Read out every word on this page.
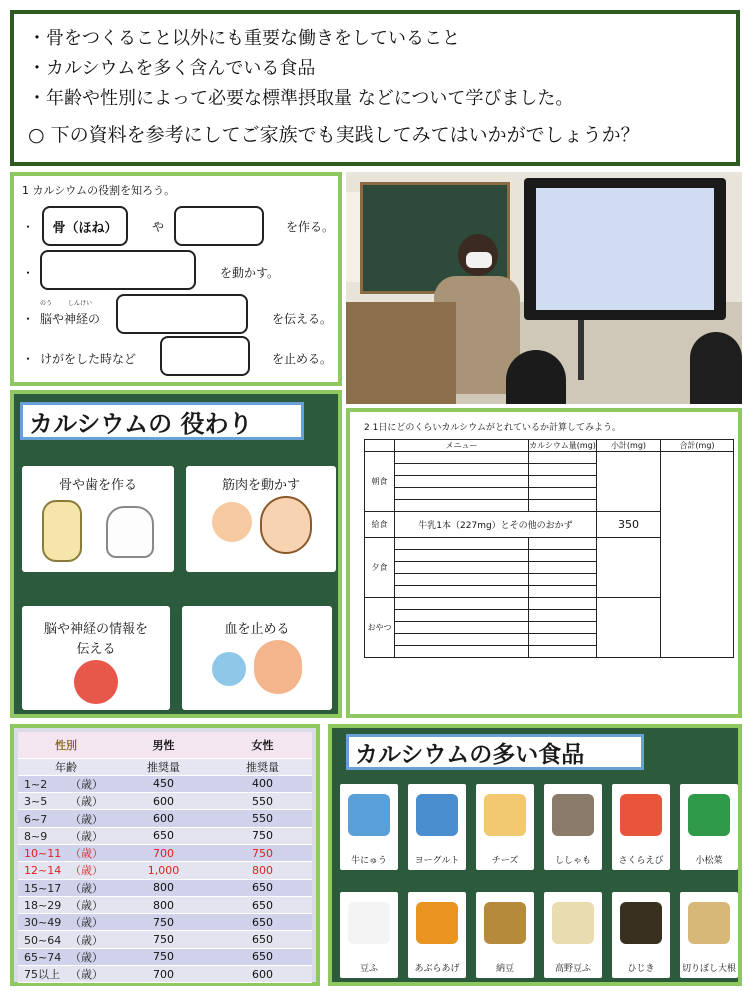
・骨をつくること以外にも重要な働きをしていること
・カルシウムを多く含んでいる食品
・年齢や性別によって必要な標準摂取量 などについて学びました。
○ 下の資料を参考にしてご家族でも実践してみてはいかがでしょうか？
1 カルシウムの役割を知ろう。
・	骨（ほね）	や	を作る。
・	を動かす。
・
のう	しんけい
脳や神経の	を伝える。
・ けがをした時など	を止める。
カルシウムの 役わり
骨や歯を作る	筋肉を動かす
脳や神経の情報を
伝える
血を止める
2 1日にどのくらいカルシウムがとれているか計算してみよう。
	メニュー	カルシウム量(mg)	小計(mg)	合計(mg)
朝食				

給食	牛乳1本（227mg）とその他のおかず		350	
夕食				

おやつ				

性別	男性	女性
年齢	推奨量	推奨量
1~2 （歳）	450	400
3~5 （歳）	600	550
6~7 （歳）	600	550
8~9 （歳）	650	750
10~11 （歳）	700	750
12~14 （歳）	1,000	800
15~17 （歳）	800	650
18~29 （歳）	800	650
30~49 （歳）	750	650
50~64 （歳）	750	650
65~74 （歳）	750	650
75以上 （歳）	700	600
カルシウムの多い食品
牛にゅう	ヨーグルト	チーズ	ししゃも	さくらえび	小松菜
豆ふ	あぶらあげ	納豆	高野豆ふ	ひじき	切りぼし大根
